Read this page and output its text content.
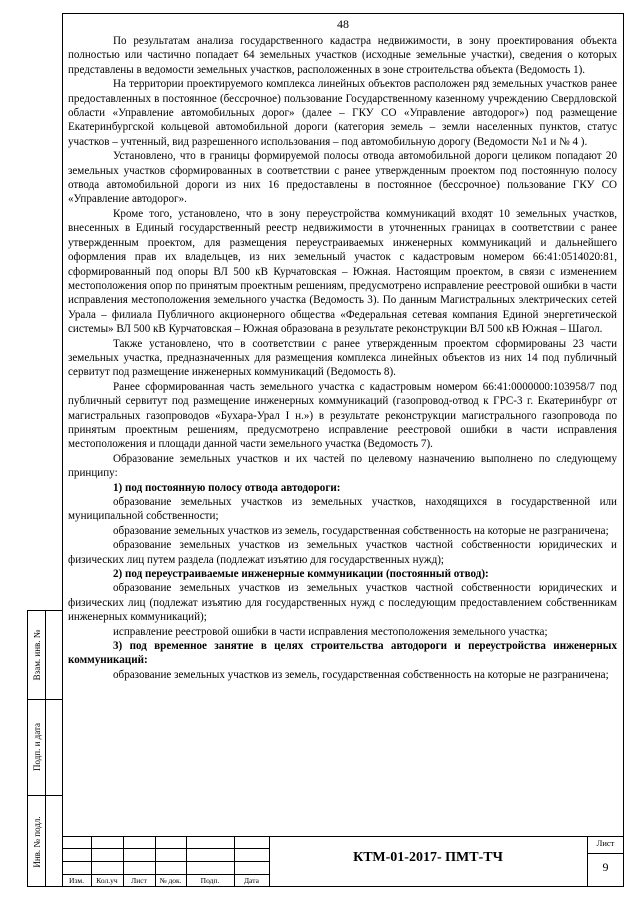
48

По результатам анализа государственного кадастра недвижимости, в зону проектирования объекта полностью или частично попадает 64 земельных участков (исходные земельные участки), сведения о которых представлены в ведомости земельных участков, расположенных в зоне строительства объекта (Ведомость 1).

На территории проектируемого комплекса линейных объектов расположен ряд земельных участков ранее предоставленных в постоянное (бессрочное) пользование Государственному казенному учреждению Свердловской области «Управление автомобильных дорог» (далее – ГКУ СО «Управление автодорог») под размещение Екатеринбургской кольцевой автомобильной дороги (категория земель – земли населенных пунктов, статус участков – учтенный, вид разрешенного использования – под автомобильную дорогу (Ведомости №1 и № 4 ).

Установлено, что в границы формируемой полосы отвода автомобильной дороги целиком попадают 20 земельных участков сформированных в соответствии с ранее утвержденным проектом под постоянную полосу отвода автомобильной дороги из них 16 предоставлены в постоянное (бессрочное) пользование ГКУ СО «Управление автодорог».

Кроме того, установлено, что в зону переустройства коммуникаций входят 10 земельных участков, внесенных в Единый государственный реестр недвижимости в уточненных границах в соответствии с ранее утвержденным проектом, для размещения переустраиваемых инженерных коммуникаций и дальнейшего оформления прав их владельцев, из них земельный участок с кадастровым номером 66:41:0514020:81, сформированный под опоры ВЛ 500 кВ Курчатовская – Южная. Настоящим проектом, в связи с изменением местоположения опор по принятым проектным решениям, предусмотрено исправление реестровой ошибки в части исправления местоположения земельного участка (Ведомость 3). По данным Магистральных электрических сетей Урала – филиала Публичного акционерного общества «Федеральная сетевая компания Единой энергетической системы» ВЛ 500 кВ Курчатовская – Южная образована в результате реконструкции ВЛ 500 кВ Южная – Шагол.

Также установлено, что в соответствии с ранее утвержденным проектом сформированы 23 части земельных участка, предназначенных для размещения комплекса линейных объектов из них 14 под публичный сервитут под размещение инженерных коммуникаций (Ведомость 8).

Ранее сформированная часть земельного участка с кадастровым номером 66:41:0000000:103958/7 под публичный сервитут под размещение инженерных коммуникаций (газопровод-отвод к ГРС-3 г. Екатеринбург от магистральных газопроводов «Бухара-Урал I н.») в результате реконструкции магистрального газопровода по принятым проектным решениям, предусмотрено исправление реестровой ошибки в части исправления местоположения и площади данной части земельного участка (Ведомость 7).

Образование земельных участков и их частей по целевому назначению выполнено по следующему принципу:

1) под постоянную полосу отвода автодороги:

образование земельных участков из земельных участков, находящихся в государственной или муниципальной собственности;

образование земельных участков из земель, государственная собственность на которые не разграничена;

образование земельных участков из земельных участков частной собственности юридических и физических лиц путем раздела (подлежат изъятию для государственных нужд);

2) под переустраиваемые инженерные коммуникации (постоянный отвод):

образование земельных участков из земельных участков частной собственности юридических и физических лиц (подлежат изъятию для государственных нужд с последующим предоставлением собственникам инженерных коммуникаций);

исправление реестровой ошибки в части исправления местоположения земельного участка;

3) под временное занятие в целях строительства автодороги и переустройства инженерных коммуникаций:

образование земельных участков из земель, государственная собственность на которые не разграничена;

Взам. инв. №
Подп. и дата
Инв. № подл.
Изм.	Кол.уч	Лист	№ док.	Подп.	Дата
КТМ-01-2017- ПМТ-ТЧ
Лист
9
